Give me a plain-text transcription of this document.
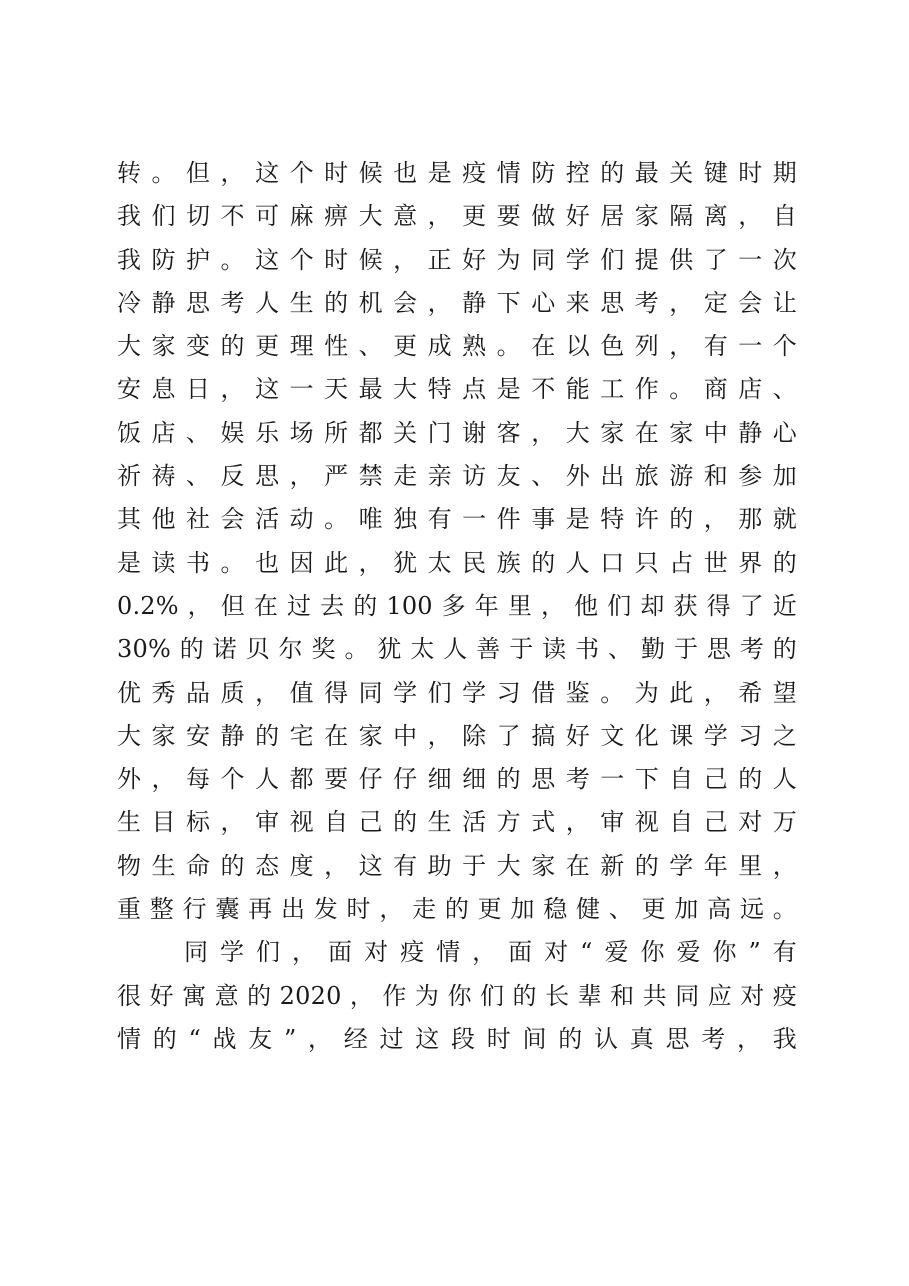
转。但，这个时候也是疫情防控的最关键时期
我们切不可麻痹大意，更要做好居家隔离，自
我防护。这个时候，正好为同学们提供了一次
冷静思考人生的机会，静下心来思考，定会让
大家变的更理性、更成熟。在以色列，有一个
安息日，这一天最大特点是不能工作。商店、
饭店、娱乐场所都关门谢客，大家在家中静心
祈祷、反思，严禁走亲访友、外出旅游和参加
其他社会活动。唯独有一件事是特许的，那就
是读书。也因此，犹太民族的人口只占世界的
0.2%，但在过去的100多年里，他们却获得了近
30%的诺贝尔奖。犹太人善于读书、勤于思考的
优秀品质，值得同学们学习借鉴。为此，希望
大家安静的宅在家中，除了搞好文化课学习之
外，每个人都要仔仔细细的思考一下自己的人
生目标，审视自己的生活方式，审视自己对万
物生命的态度，这有助于大家在新的学年里，
重整行囊再出发时，走的更加稳健、更加高远。
同学们，面对疫情，面对“爱你爱你”有
很好寓意的2020，作为你们的长辈和共同应对疫
情的“战友”，经过这段时间的认真思考，我
